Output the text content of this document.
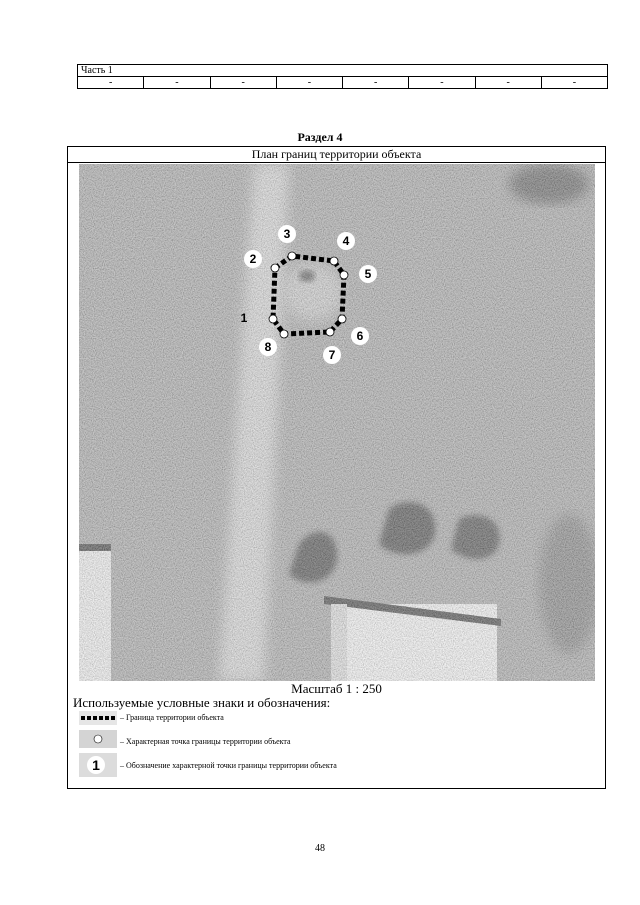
Часть 1
-	-	-	-	-	-	-	-
Раздел 4
План границ территории объекта
1
2
3	4
5
6
7
8
Масштаб 1 : 250
Используемые условные знаки и обозначения:
– Граница территории объекта
– Характерная точка границы территории объекта
1	– Обозначение характерной точки границы территории объекта
48
